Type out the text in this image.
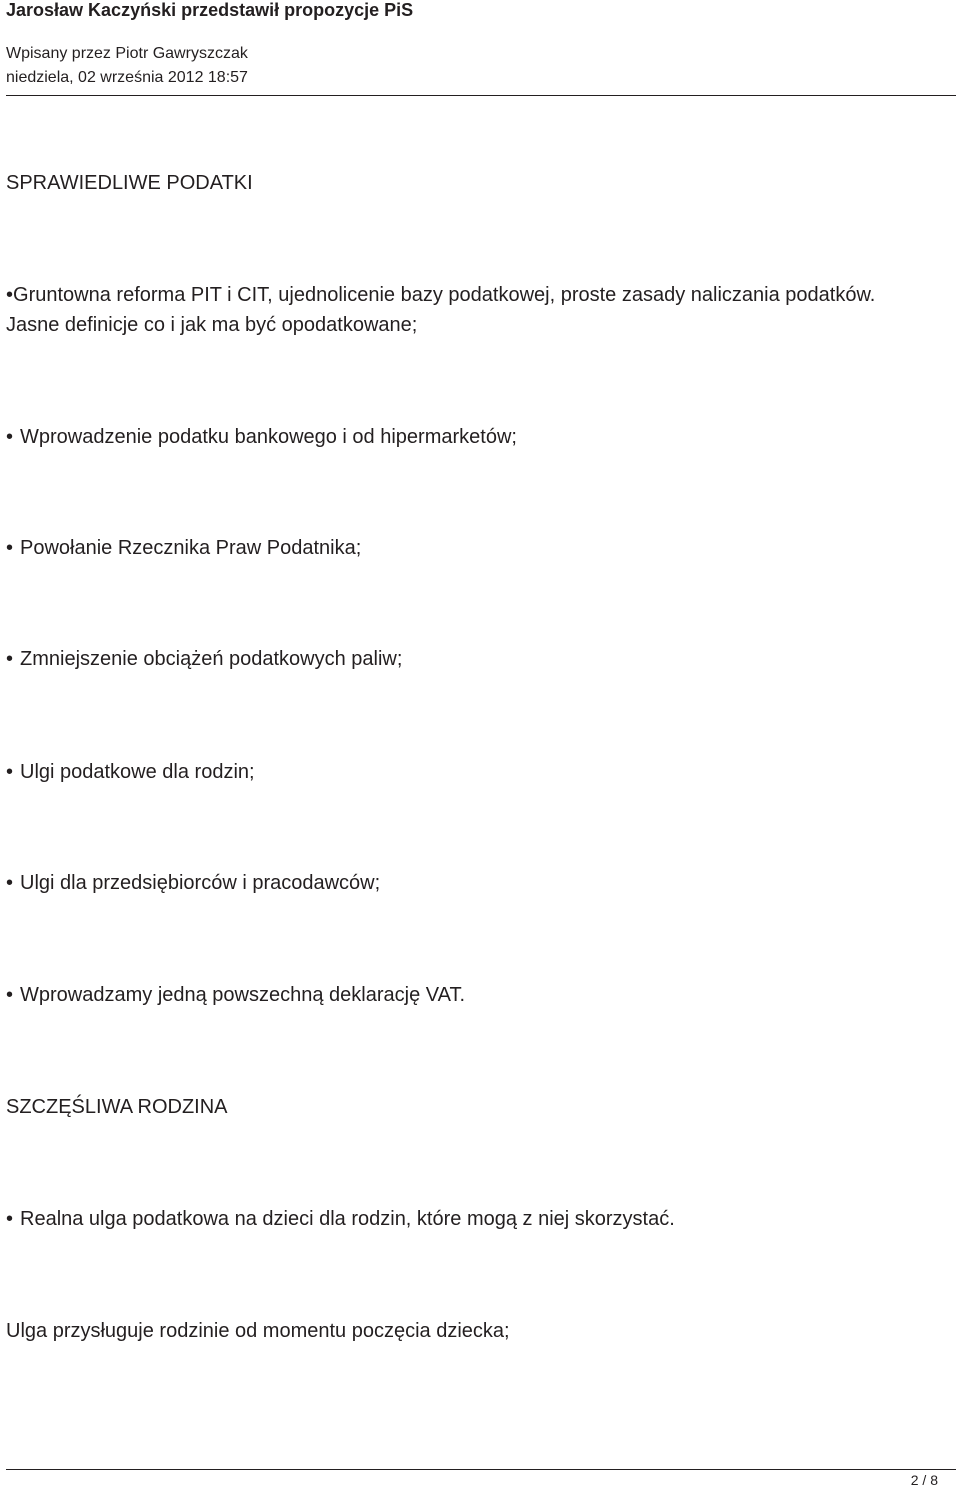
Jarosław Kaczyński przedstawił propozycje PiS
Wpisany przez Piotr Gawryszczak
niedziela, 02 września 2012 18:57
SPRAWIEDLIWE PODATKI
•Gruntowna reforma PIT i CIT, ujednolicenie bazy podatkowej, proste zasady naliczania podatków. Jasne definicje co i jak ma być opodatkowane;
• Wprowadzenie podatku bankowego i od hipermarketów;
• Powołanie Rzecznika Praw Podatnika;
• Zmniejszenie obciążeń podatkowych paliw;
• Ulgi podatkowe dla rodzin;
• Ulgi dla przedsiębiorców i pracodawców;
• Wprowadzamy jedną powszechną deklarację VAT.
SZCZĘŚLIWA RODZINA
• Realna ulga podatkowa na dzieci dla rodzin, które mogą z niej skorzystać.
Ulga przysługuje rodzinie od momentu poczęcia dziecka;
2 / 8
